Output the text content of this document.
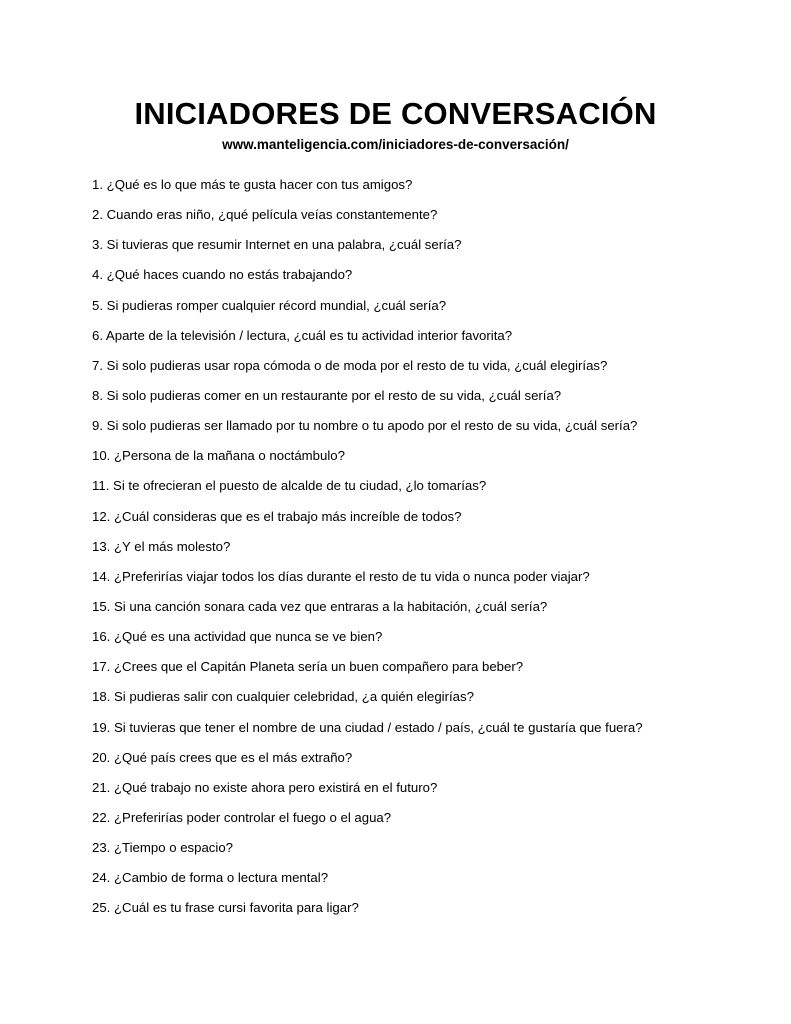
INICIADORES DE CONVERSACIÓN
www.manteligencia.com/iniciadores-de-conversación/
1. ¿Qué es lo que más te gusta hacer con tus amigos?
2. Cuando eras niño, ¿qué película veías constantemente?
3. Si tuvieras que resumir Internet en una palabra, ¿cuál sería?
4. ¿Qué haces cuando no estás trabajando?
5. Si pudieras romper cualquier récord mundial, ¿cuál sería?
6. Aparte de la televisión / lectura, ¿cuál es tu actividad interior favorita?
7. Si solo pudieras usar ropa cómoda o de moda por el resto de tu vida, ¿cuál elegirías?
8. Si solo pudieras comer en un restaurante por el resto de su vida, ¿cuál sería?
9. Si solo pudieras ser llamado por tu nombre o tu apodo por el resto de su vida, ¿cuál sería?
10. ¿Persona de la mañana o noctámbulo?
11. Si te ofrecieran el puesto de alcalde de tu ciudad, ¿lo tomarías?
12. ¿Cuál consideras que es el trabajo más increíble de todos?
13. ¿Y el más molesto?
14. ¿Preferirías viajar todos los días durante el resto de tu vida o nunca poder viajar?
15. Si una canción sonara cada vez que entraras a la habitación, ¿cuál sería?
16. ¿Qué es una actividad que nunca se ve bien?
17. ¿Crees que el Capitán Planeta sería un buen compañero para beber?
18. Si pudieras salir con cualquier celebridad, ¿a quién elegirías?
19. Si tuvieras que tener el nombre de una ciudad / estado / país, ¿cuál te gustaría que fuera?
20. ¿Qué país crees que es el más extraño?
21. ¿Qué trabajo no existe ahora pero existirá en el futuro?
22. ¿Preferirías poder controlar el fuego o el agua?
23. ¿Tiempo o espacio?
24. ¿Cambio de forma o lectura mental?
25. ¿Cuál es tu frase cursi favorita para ligar?
